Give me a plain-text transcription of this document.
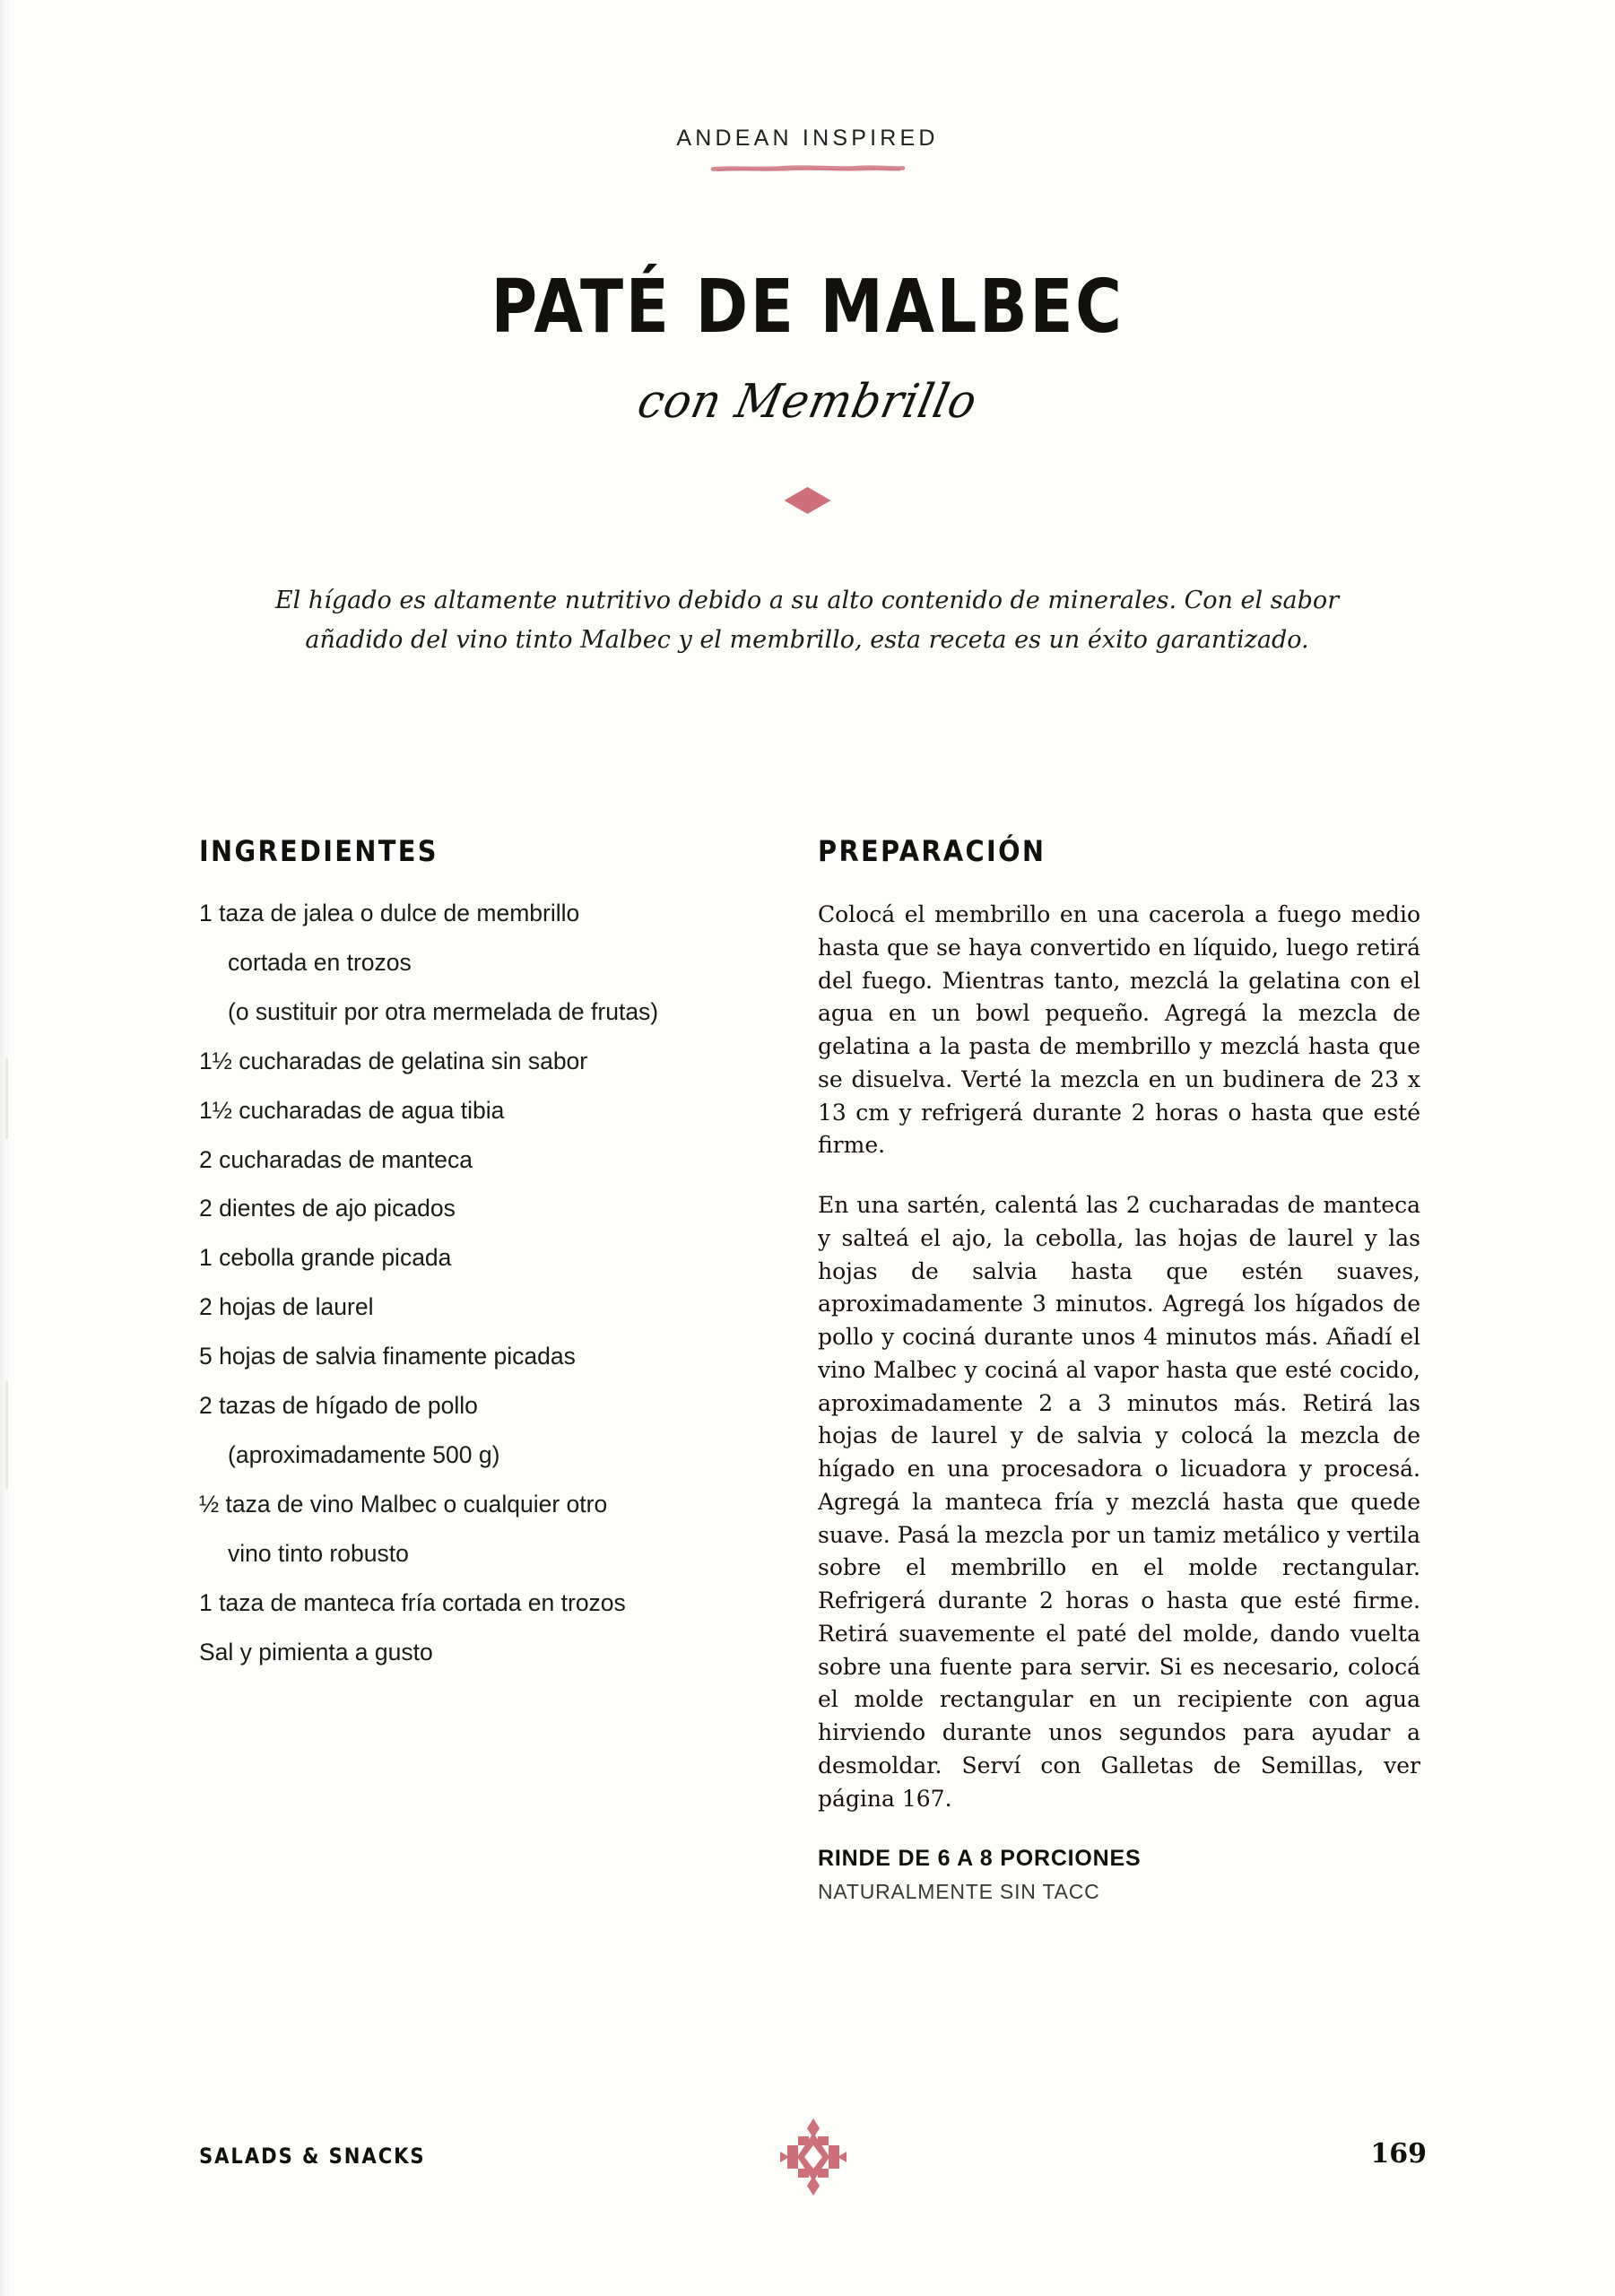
ANDEAN INSPIRED
PATÉ DE MALBEC
con Membrillo
El hígado es altamente nutritivo debido a su alto contenido de minerales. Con el sabor añadido del vino tinto Malbec y el membrillo, esta receta es un éxito garantizado.
INGREDIENTES
1 taza de jalea o dulce de membrillo
cortada en trozos
(o sustituir por otra mermelada de frutas)
1½ cucharadas de gelatina sin sabor
1½ cucharadas de agua tibia
2 cucharadas de manteca
2 dientes de ajo picados
1 cebolla grande picada
2 hojas de laurel
5 hojas de salvia finamente picadas
2 tazas de hígado de pollo
(aproximadamente 500 g)
½ taza de vino Malbec o cualquier otro
vino tinto robusto
1 taza de manteca fría cortada en trozos
Sal y pimienta a gusto
PREPARACIÓN

Colocá el membrillo en una cacerola a fuego medio hasta que se haya convertido en líquido, luego retirá del fuego. Mientras tanto, mezclá la gelatina con el agua en un bowl pequeño. Agregá la mezcla de gelatina a la pasta de membrillo y mezclá hasta que se disuelva. Verté la mezcla en un budinera de 23 x 13 cm y refrigerá durante 2 horas o hasta que esté firme.

En una sartén, calentá las 2 cucharadas de manteca y salteá el ajo, la cebolla, las hojas de laurel y las hojas de salvia hasta que estén suaves, aproximadamente 3 minutos. Agregá los hígados de pollo y cociná durante unos 4 minutos más. Añadí el vino Malbec y cociná al vapor hasta que esté cocido, aproximadamente 2 a 3 minutos más. Retirá las hojas de laurel y de salvia y colocá la mezcla de hígado en una procesadora o licuadora y procesá. Agregá la manteca fría y mezclá hasta que quede suave. Pasá la mezcla por un tamiz metálico y vertila sobre el membrillo en el molde rectangular. Refrigerá durante 2 horas o hasta que esté firme. Retirá suavemente el paté del molde, dando vuelta sobre una fuente para servir. Si es necesario, colocá el molde rectangular en un recipiente con agua hirviendo durante unos segundos para ayudar a desmoldar. Serví con Galletas de Semillas, ver página 167.

RINDE DE 6 A 8 PORCIONES
NATURALMENTE SIN TACC
SALADS & SNACKS	169
